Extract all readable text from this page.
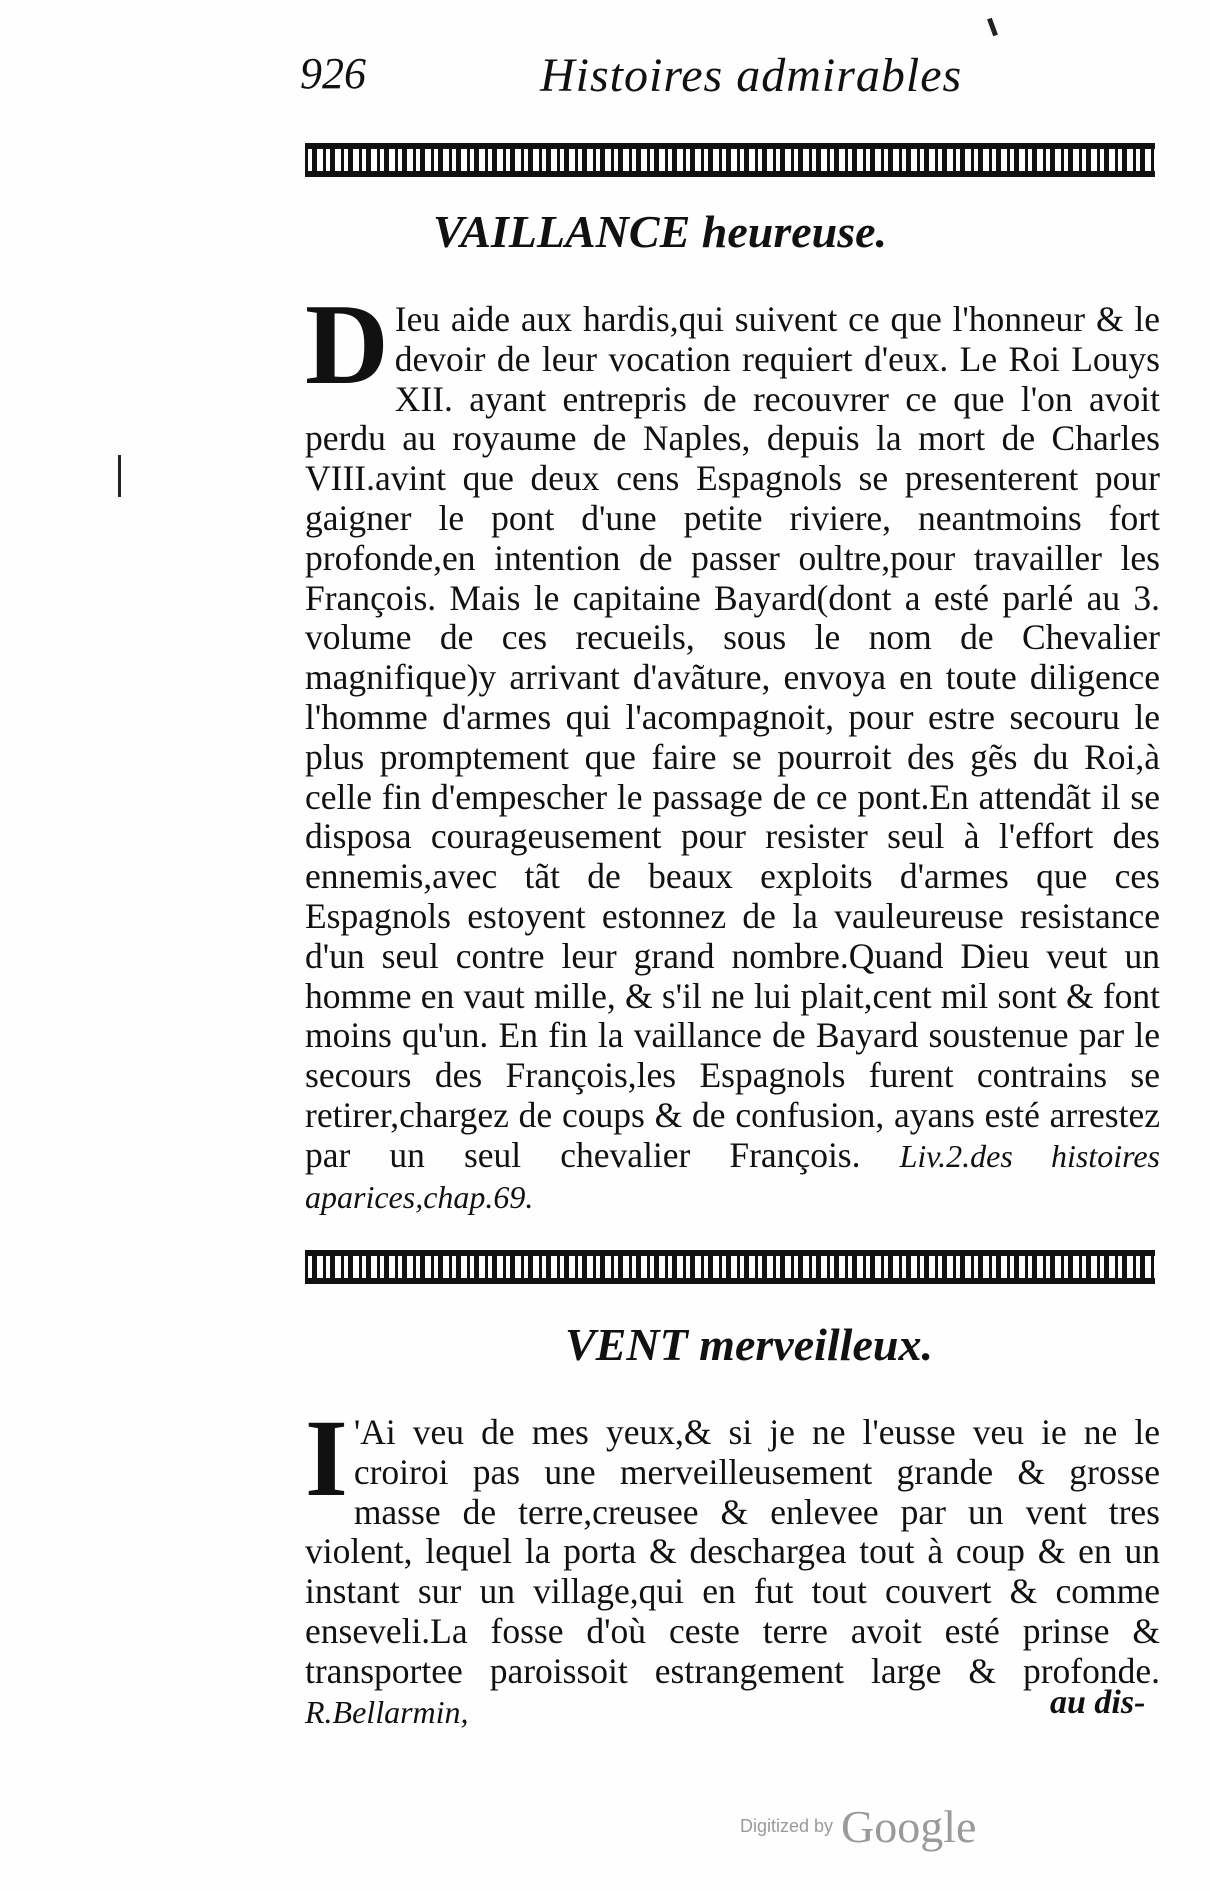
926	Histoires admirables
VAILLANCE heureuse.
D Ieu aide aux hardis,qui suivent ce que l'honneur & le devoir de leur vocation requiert d'eux. Le Roi Louys XII. ayant entrepris de recouvrer ce que l'on avoit perdu au royaume de Naples, depuis la mort de Charles VIII.avint que deux cens Espagnols se presenterent pour gaigner le pont d'une petite riviere, neantmoins fort profonde,en intention de passer oultre,pour travailler les François. Mais le capitaine Bayard(dont a esté parlé au 3. volume de ces recueils, sous le nom de Chevalier magnifique)y arrivant d'avãture, envoya en toute diligence l'homme d'armes qui l'acompagnoit, pour estre secouru le plus promptement que faire se pourroit des gẽs du Roi,à celle fin d'empescher le passage de ce pont.En attendãt il se disposa courageusement pour resister seul à l'effort des ennemis,avec tãt de beaux exploits d'armes que ces Espagnols estoyent estonnez de la vauleureuse resistance d'un seul contre leur grand nombre.Quand Dieu veut un homme en vaut mille, & s'il ne lui plait,cent mil sont & font moins qu'un. En fin la vaillance de Bayard soustenue par le secours des François,les Espagnols furent contrains se retirer,chargez de coups & de confusion, ayans esté arrestez par un seul chevalier François. Liv.2.des histoires aparices,chap.69.
VENT merveilleux.
I 'Ai veu de mes yeux,& si je ne l'eusse veu ie ne le croiroi pas une merveilleusement grande & grosse masse de terre,creusee & enlevee par un vent tres violent, lequel la porta & deschargea tout à coup & en un instant sur un village,qui en fut tout couvert & comme enseveli.La fosse d'où ceste terre avoit esté prinse & transportee paroissoit estrangement large & profonde. R.Bellarmin,	au dis-
Digitized by Google
